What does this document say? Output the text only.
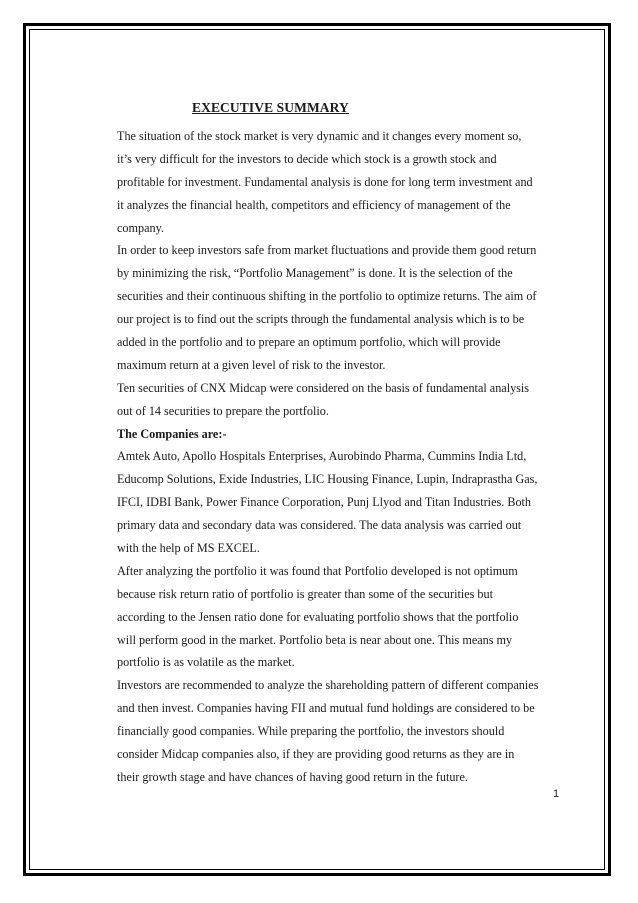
EXECUTIVE SUMMARY
The situation of the stock market is very dynamic and it changes every moment so,
it’s very difficult for the investors to decide which stock is a growth stock and
profitable for investment. Fundamental analysis is done for long term investment and
it analyzes the financial health, competitors and efficiency of management of the
company.
In order to keep investors safe from market fluctuations and provide them good return
by minimizing the risk, “Portfolio Management” is done. It is the selection of the
securities and their continuous shifting in the portfolio to optimize returns. The aim of
our project is to find out the scripts through the fundamental analysis which is to be
added in the portfolio and to prepare an optimum portfolio, which will provide
maximum return at a given level of risk to the investor.
Ten securities of CNX Midcap were considered on the basis of fundamental analysis
out of 14 securities to prepare the portfolio.
The Companies are:-
Amtek Auto, Apollo Hospitals Enterprises, Aurobindo Pharma, Cummins India Ltd,
Educomp Solutions, Exide Industries, LIC Housing Finance, Lupin, Indraprastha Gas,
IFCI, IDBI Bank, Power Finance Corporation, Punj Llyod and Titan Industries. Both
primary data and secondary data was considered. The data analysis was carried out
with the help of MS EXCEL.
After analyzing the portfolio it was found that Portfolio developed is not optimum
because risk return ratio of portfolio is greater than some of the securities but
according to the Jensen ratio done for evaluating portfolio shows that the portfolio
will perform good in the market. Portfolio beta is near about one. This means my
portfolio is as volatile as the market.
Investors are recommended to analyze the shareholding pattern of different companies
and then invest. Companies having FII and mutual fund holdings are considered to be
financially good companies. While preparing the portfolio, the investors should
consider Midcap companies also, if they are providing good returns as they are in
their growth stage and have chances of having good return in the future.
1
